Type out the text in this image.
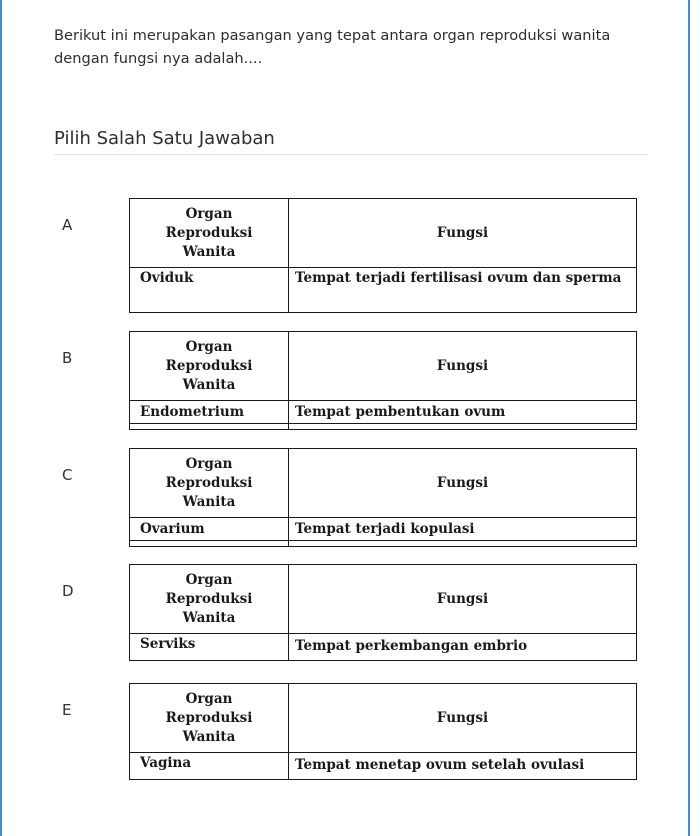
Berikut ini merupakan pasangan yang tepat antara organ reproduksi wanita dengan fungsi nya adalah....
Pilih Salah Satu Jawaban
A
Organ
Reproduksi
Wanita	Fungsi
Oviduk	Tempat terjadi fertilisasi ovum dan sperma
B
Organ
Reproduksi
Wanita	Fungsi
Endometrium	Tempat pembentukan ovum

C
Organ
Reproduksi
Wanita	Fungsi
Ovarium	Tempat terjadi kopulasi

D
Organ
Reproduksi
Wanita	Fungsi
Serviks	Tempat perkembangan embrio
E
Organ
Reproduksi
Wanita	Fungsi
Vagina	Tempat menetap ovum setelah ovulasi
